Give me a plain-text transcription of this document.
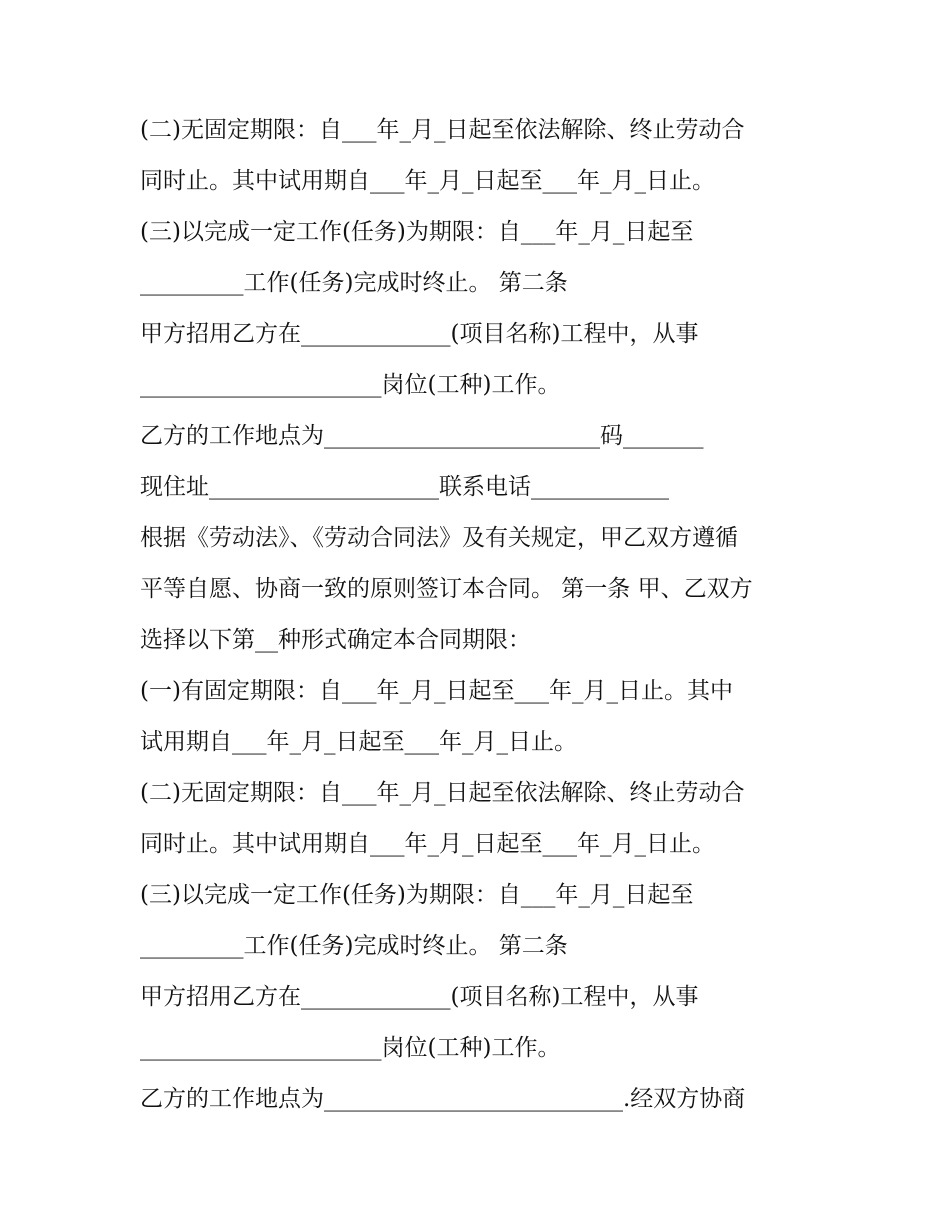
(二)无固定期限：自___年_月_日起至依法解除、终止劳动合
同时止。其中试用期自___年_月_日起至___年_月_日止。
(三)以完成一定工作(任务)为期限：自___年_月_日起至
_________工作(任务)完成时终止。 第二条
甲方招用乙方在_____________(项目名称)工程中，从事
_____________________岗位(工种)工作。
乙方的工作地点为________________________码_______
现住址____________________联系电话____________
根据《劳动法》、《劳动合同法》及有关规定，甲乙双方遵循
平等自愿、协商一致的原则签订本合同。 第一条 甲、乙双方
选择以下第__种形式确定本合同期限：
(一)有固定期限：自___年_月_日起至___年_月_日止。其中
试用期自___年_月_日起至___年_月_日止。
(二)无固定期限：自___年_月_日起至依法解除、终止劳动合
同时止。其中试用期自___年_月_日起至___年_月_日止。
(三)以完成一定工作(任务)为期限：自___年_月_日起至
_________工作(任务)完成时终止。 第二条
甲方招用乙方在_____________(项目名称)工程中，从事
_____________________岗位(工种)工作。
乙方的工作地点为__________________________.经双方协商
